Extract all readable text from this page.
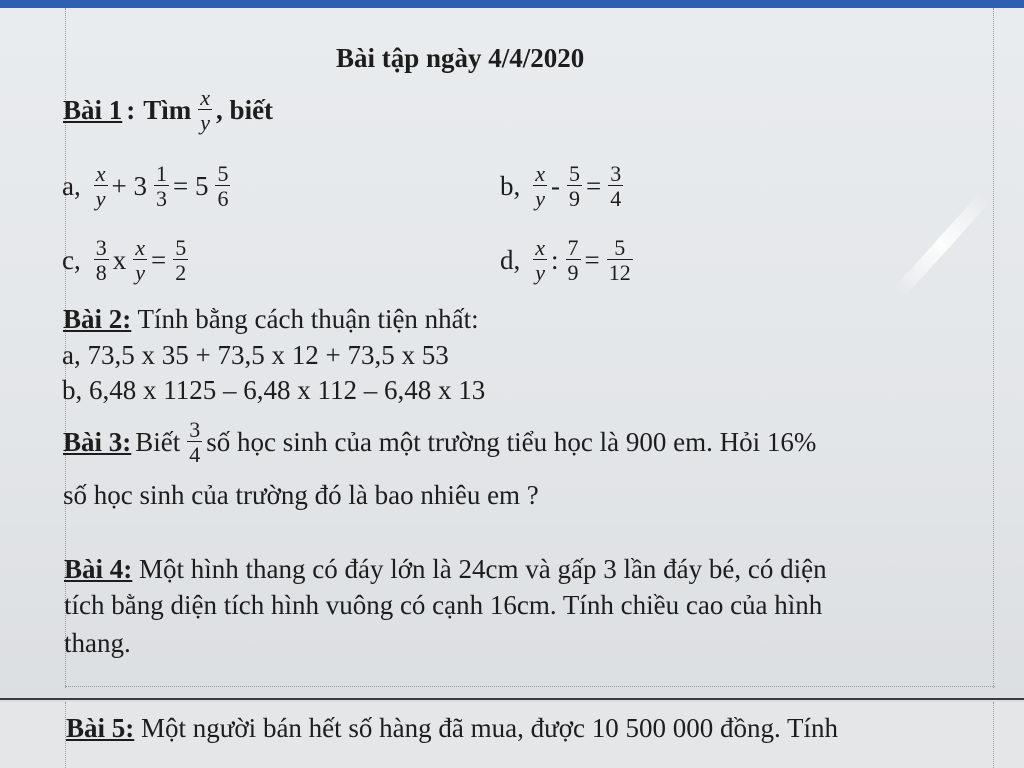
Bài tập ngày 4/4/2020
Bài 1 : Tìm $\frac{x}{y}$ , biết
a, $\frac{x}{y} + 3 \frac{1}{3} = 5 \frac{5}{6}$	b, $\frac{x}{y} - \frac{5}{9} = \frac{3}{4}$
c, $\frac{3}{8}$ x $\frac{x}{y} = \frac{5}{2}$	d, $\frac{x}{y}$ : $\frac{7}{9} = \frac{5}{12}$
Bài 2: Tính bằng cách thuận tiện nhất:
a, 73,5 x 35 + 73,5 x 12 + 73,5 x 53
b, 6,48 x 1125 – 6,48 x 112 – 6,48 x 13
Bài 3: Biết $\frac{3}{4}$ số học sinh của một trường tiểu học là 900 em. Hỏi 16%
số học sinh của trường đó là bao nhiêu em ?
Bài 4: Một hình thang có đáy lớn là 24cm và gấp 3 lần đáy bé, có diện
tích bằng diện tích hình vuông có cạnh 16cm. Tính chiều cao của hình
thang.
Bài 5: Một người bán hết số hàng đã mua, được 10 500 000 đồng. Tính
